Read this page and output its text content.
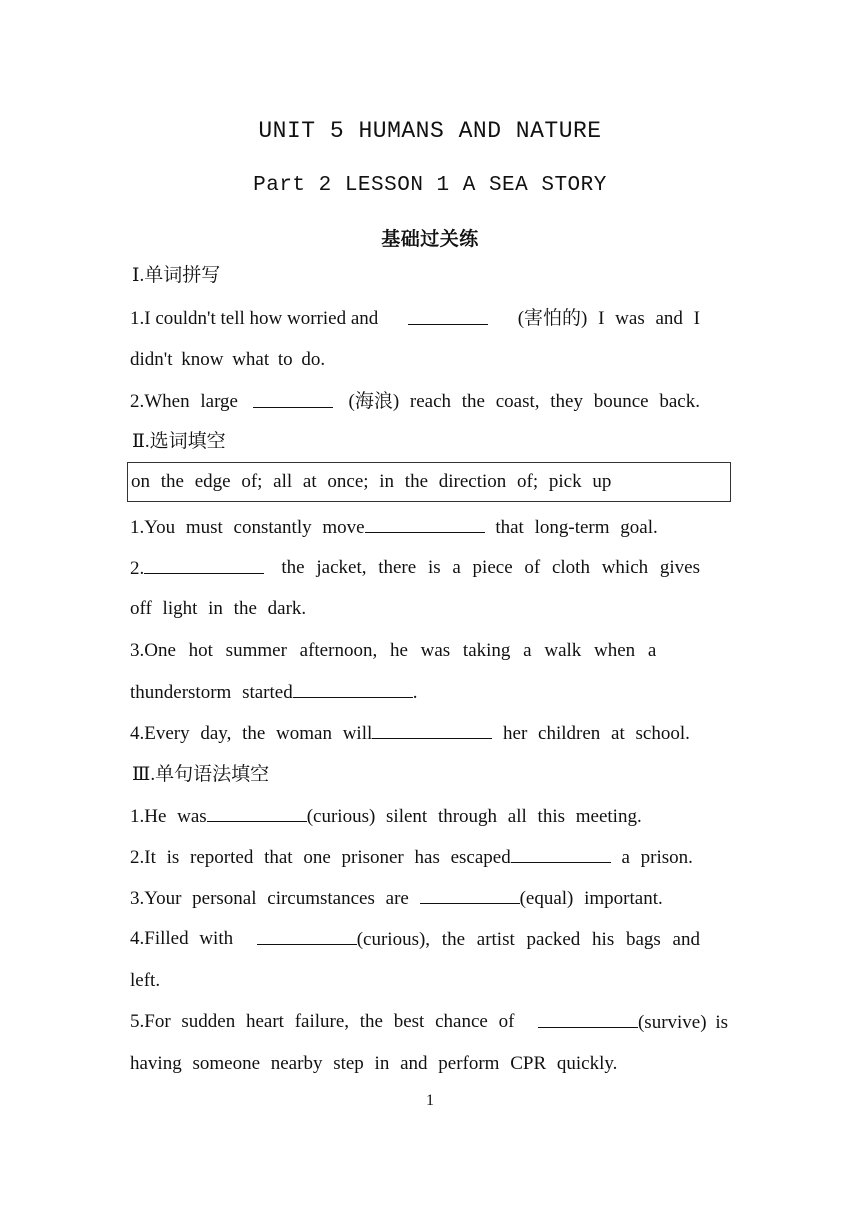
UNIT 5 HUMANS AND NATURE
Part 2 LESSON 1 A SEA STORY
基础过关练
Ⅰ.单词拼写
1.I couldn't tell how worried and	(害怕的) I was and I
didn't know what to do.
2.When large	(海浪) reach the coast, they bounce back.
Ⅱ.选词填空
on the edge of; all at once; in the direction of; pick up
1.You must constantly move	that long-term goal.
2.	the jacket, there is a piece of cloth which gives
off light in the dark.
3.One hot summer afternoon, he was taking a walk when a
thunderstorm started	.
4.Every day, the woman will	her children at school.
Ⅲ.单句语法填空
1.He was	(curious) silent through all this meeting.
2.It is reported that one prisoner has escaped	a prison.
3.Your personal circumstances are	(equal) important.
4.Filled with	(curious), the artist packed his bags and
left.
5.For sudden heart failure, the best chance of	(survive) is
having someone nearby step in and perform CPR quickly.
1
